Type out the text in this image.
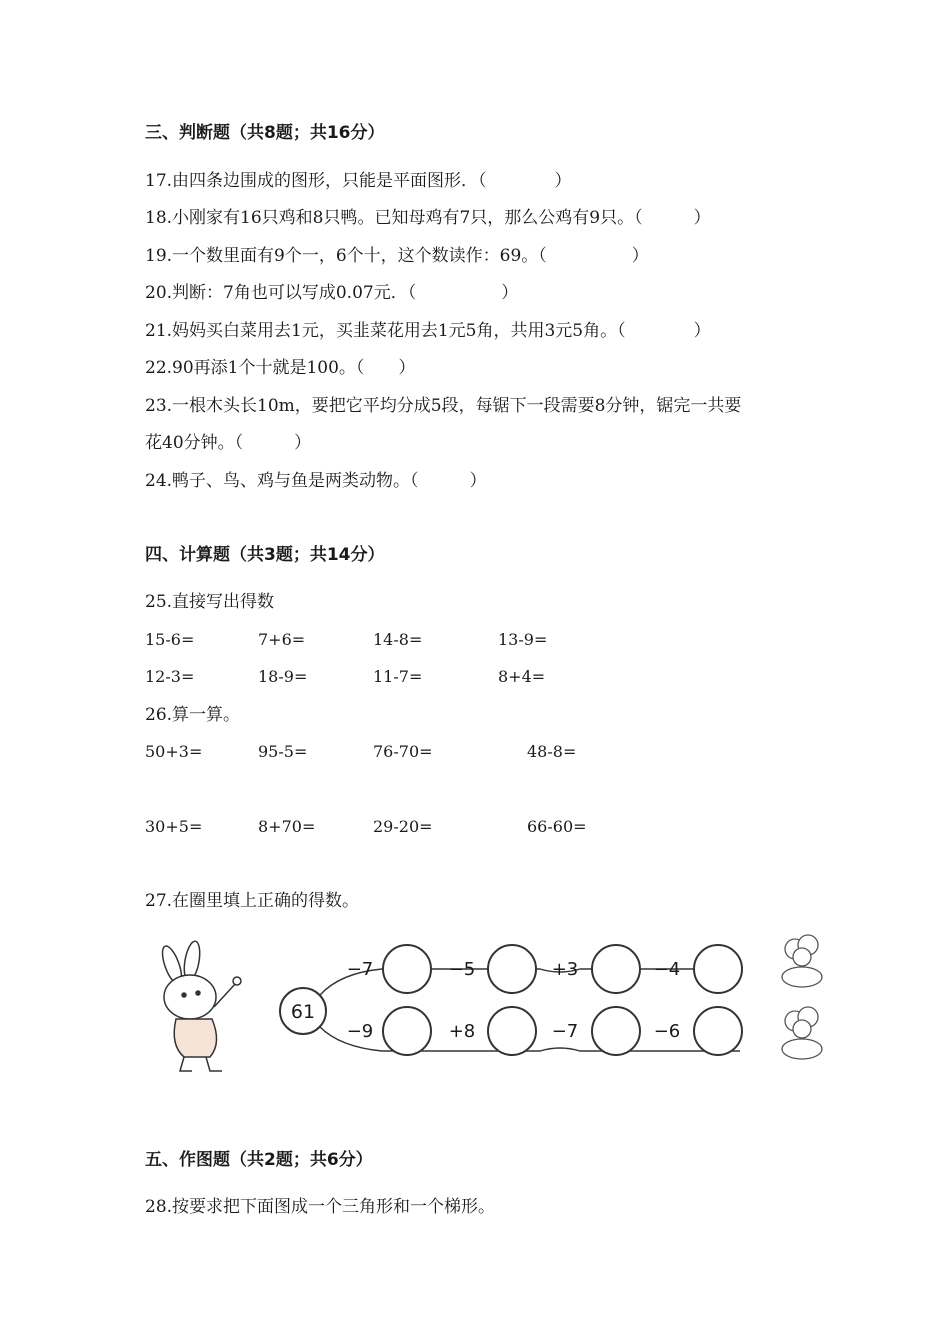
三、判断题（共8题；共16分）
17.由四条边围成的图形，只能是平面图形．（　　　　）
18.小刚家有16只鸡和8只鸭。已知母鸡有7只，那么公鸡有9只。（　　　）
19.一个数里面有9个一，6个十，这个数读作：69。（　　　　　）
20.判断：7角也可以写成0.07元．（　　　　　）
21.妈妈买白菜用去1元，买韭菜花用去1元5角，共用3元5角。（　　　　）
22.90再添1个十就是100。（　　）
23.一根木头长10m，要把它平均分成5段，每锯下一段需要8分钟，锯完一共要
花40分钟。（　　　）
24.鸭子、鸟、鸡与鱼是两类动物。（　　　）
四、计算题（共3题；共14分）
25.直接写出得数
15-6=	7+6=	14-8=	13-9=
12-3=	18-9=	11-7=	8+4=
26.算一算。
50+3=	95-5=	76-70=	48-8=
30+5=	8+70=	29-20=	66-60=
27.在圈里填上正确的得数。
61
−7	−5	+3	−4
−9	+8	−7	−6
五、作图题（共2题；共6分）
28.按要求把下面图成一个三角形和一个梯形。
